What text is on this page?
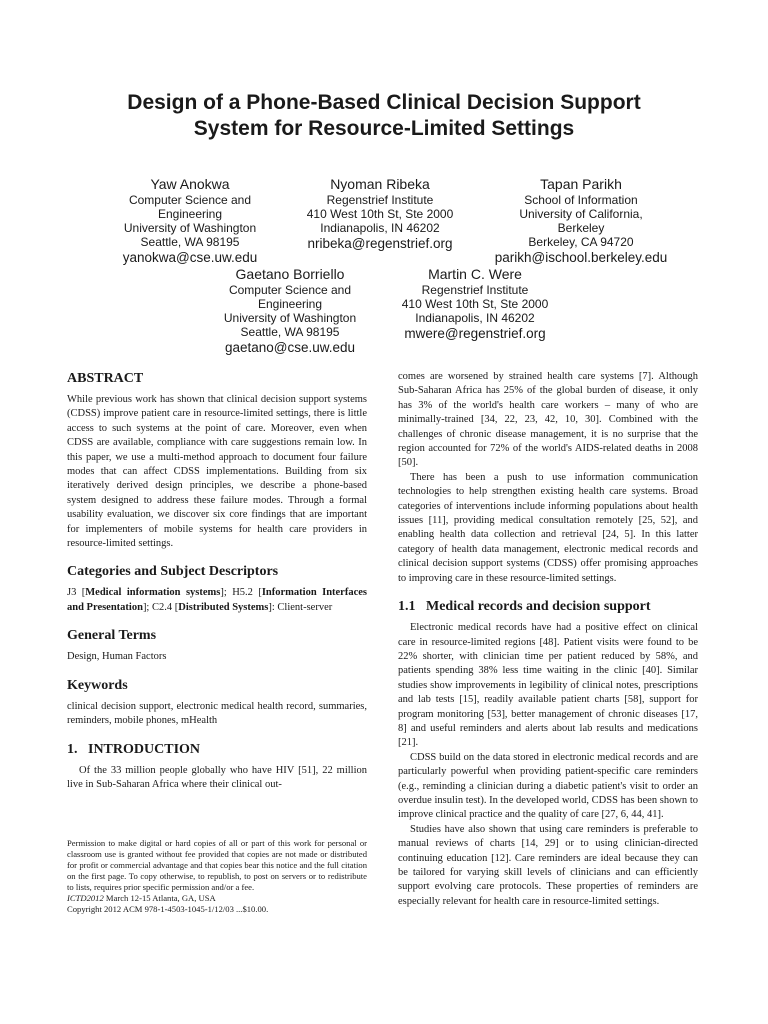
Design of a Phone-Based Clinical Decision Support
System for Resource-Limited Settings
Yaw Anokwa
Computer Science and
Engineering
University of Washington
Seattle, WA 98195
yanokwa@cse.uw.edu
Nyoman Ribeka
Regenstrief Institute
410 West 10th St, Ste 2000
Indianapolis, IN 46202
nribeka@regenstrief.org
Tapan Parikh
School of Information
University of California,
Berkeley
Berkeley, CA 94720
parikh@ischool.berkeley.edu
Gaetano Borriello
Computer Science and
Engineering
University of Washington
Seattle, WA 98195
gaetano@cse.uw.edu
Martin C. Were
Regenstrief Institute
410 West 10th St, Ste 2000
Indianapolis, IN 46202
mwere@regenstrief.org
ABSTRACT

While previous work has shown that clinical decision support systems (CDSS) improve patient care in resource-limited settings, there is little access to such systems at the point of care. Moreover, even when CDSS are available, compliance with care suggestions remain low. In this paper, we use a multi-method approach to document four failure modes that can affect CDSS implementations. Building from six iteratively derived design principles, we describe a phone-based system designed to address these failure modes. Through a formal usability evaluation, we discover six core findings that are important for implementers of mobile systems for health care providers in resource-limited settings.

Categories and Subject Descriptors

J3 [Medical information systems]; H5.2 [Information Interfaces and Presentation]; C2.4 [Distributed Systems]: Client-server

General Terms

Design, Human Factors

Keywords

clinical decision support, electronic medical health record, summaries, reminders, mobile phones, mHealth

1.   INTRODUCTION

Of the 33 million people globally who have HIV [51], 22 million live in Sub-Saharan Africa where their clinical out-

Permission to make digital or hard copies of all or part of this work for personal or classroom use is granted without fee provided that copies are not made or distributed for profit or commercial advantage and that copies bear this notice and the full citation on the first page. To copy otherwise, to republish, to post on servers or to redistribute to lists, requires prior specific permission and/or a fee.
ICTD2012 March 12-15 Atlanta, GA, USA
Copyright 2012 ACM 978-1-4503-1045-1/12/03 ...$10.00.

comes are worsened by strained health care systems [7]. Although Sub-Saharan Africa has 25% of the global burden of disease, it only has 3% of the world's health care workers – many of who are minimally-trained [34, 22, 23, 42, 10, 30]. Combined with the challenges of chronic disease management, it is no surprise that the region accounted for 72% of the world's AIDS-related deaths in 2008 [50].

There has been a push to use information communication technologies to help strengthen existing health care systems. Broad categories of interventions include informing populations about health issues [11], providing medical consultation remotely [25, 52], and enabling health data collection and retrieval [24, 5]. In this latter category of health data management, electronic medical records and clinical decision support systems (CDSS) offer promising approaches to improving care in these resource-limited settings.

1.1   Medical records and decision support

Electronic medical records have had a positive effect on clinical care in resource-limited regions [48]. Patient visits were found to be 22% shorter, with clinician time per patient reduced by 58%, and patients spending 38% less time waiting in the clinic [40]. Similar studies show improvements in legibility of clinical notes, prescriptions and lab tests [15], readily available patient charts [58], support for program monitoring [53], better management of chronic diseases [17, 8] and useful reminders and alerts about lab results and medications [21].

CDSS build on the data stored in electronic medical records and are particularly powerful when providing patient-specific care reminders (e.g., reminding a clinician during a diabetic patient's visit to order an overdue insulin test). In the developed world, CDSS has been shown to improve clinical practice and the quality of care [27, 6, 44, 41].

Studies have also shown that using care reminders is preferable to manual reviews of charts [14, 29] or to using clinician-directed continuing education [12]. Care reminders are ideal because they can be tailored for varying skill levels of clinicians and can efficiently support evolving care protocols. These properties of reminders are especially relevant for health care in resource-limited settings.
